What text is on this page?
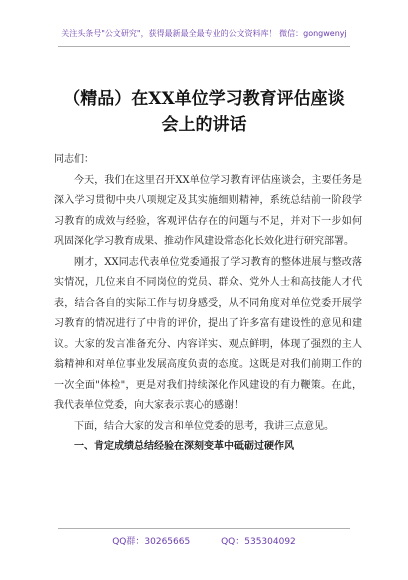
关注头条号"公文研究"，获得最新最全最专业的公文资料库！ 微信：gongwenyj
（精品）在XX单位学习教育评估座谈
会上的讲话

同志们：

今天，我们在这里召开XX单位学习教育评估座谈会，主要任务是深入学习贯彻中央八项规定及其实施细则精神，系统总结前一阶段学习教育的成效与经验，客观评估存在的问题与不足，并对下一步如何巩固深化学习教育成果、推动作风建设常态化长效化进行研究部署。

刚才，XX同志代表单位党委通报了学习教育的整体进展与整改落实情况，几位来自不同岗位的党员、群众、党外人士和高技能人才代表，结合各自的实际工作与切身感受，从不同角度对单位党委开展学习教育的情况进行了中肯的评价，提出了许多富有建设性的意见和建议。大家的发言准备充分、内容详实、观点鲜明，体现了强烈的主人翁精神和对单位事业发展高度负责的态度。这既是对我们前期工作的一次全面"体检"，更是对我们持续深化作风建设的有力鞭策。在此，我代表单位党委，向大家表示衷心的感谢！

下面，结合大家的发言和单位党委的思考，我讲三点意见。

一、肯定成绩总结经验在深刻变革中砥砺过硬作风

QQ群：30265665	QQ：535304092
